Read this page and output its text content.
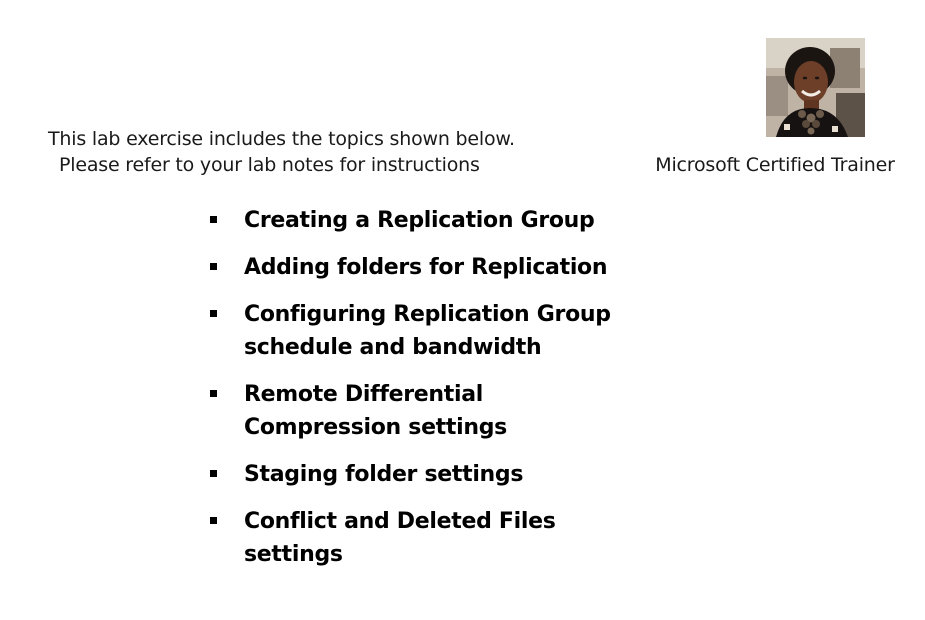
This lab exercise includes the topics shown below.
Please refer to your lab notes for instructions	Microsoft Certified Trainer
Creating a Replication Group
Adding folders for Replication
Configuring Replication Group
schedule and bandwidth
Remote Differential
Compression settings
Staging folder settings
Conflict and Deleted Files
settings
